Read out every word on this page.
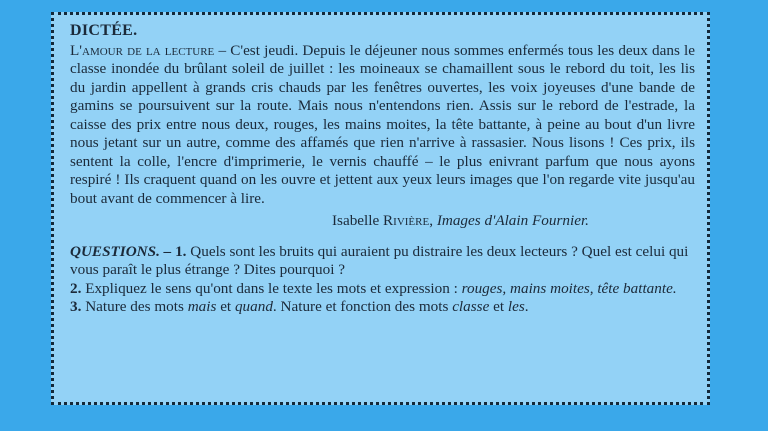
DICTÉE.

L'amour de la lecture – C'est jeudi. Depuis le déjeuner nous sommes enfermés tous les deux dans le classe inondée du brûlant soleil de juillet : les moineaux se chamaillent sous le rebord du toit, les lis du jardin appellent à grands cris chauds par les fenêtres ouvertes, les voix joyeuses d'une bande de gamins se poursuivent sur la route. Mais nous n'entendons rien. Assis sur le rebord de l'estrade, la caisse des prix entre nous deux, rouges, les mains moites, la tête battante, à peine au bout d'un livre nous jetant sur un autre, comme des affamés que rien n'arrive à rassasier. Nous lisons ! Ces prix, ils sentent la colle, l'encre d'imprimerie, le vernis chauffé – le plus enivrant parfum que nous ayons respiré ! Ils craquent quand on les ouvre et jettent aux yeux leurs images que l'on regarde vite jusqu'au bout avant de commencer à lire.

Isabelle Rivière, Images d'Alain Fournier.

QUESTIONS. – 1. Quels sont les bruits qui auraient pu distraire les deux lecteurs ? Quel est celui qui vous paraît le plus étrange ? Dites pourquoi ?

2. Expliquez le sens qu'ont dans le texte les mots et expression : rouges, mains moites, tête battante.

3. Nature des mots mais et quand. Nature et fonction des mots classe et les.
